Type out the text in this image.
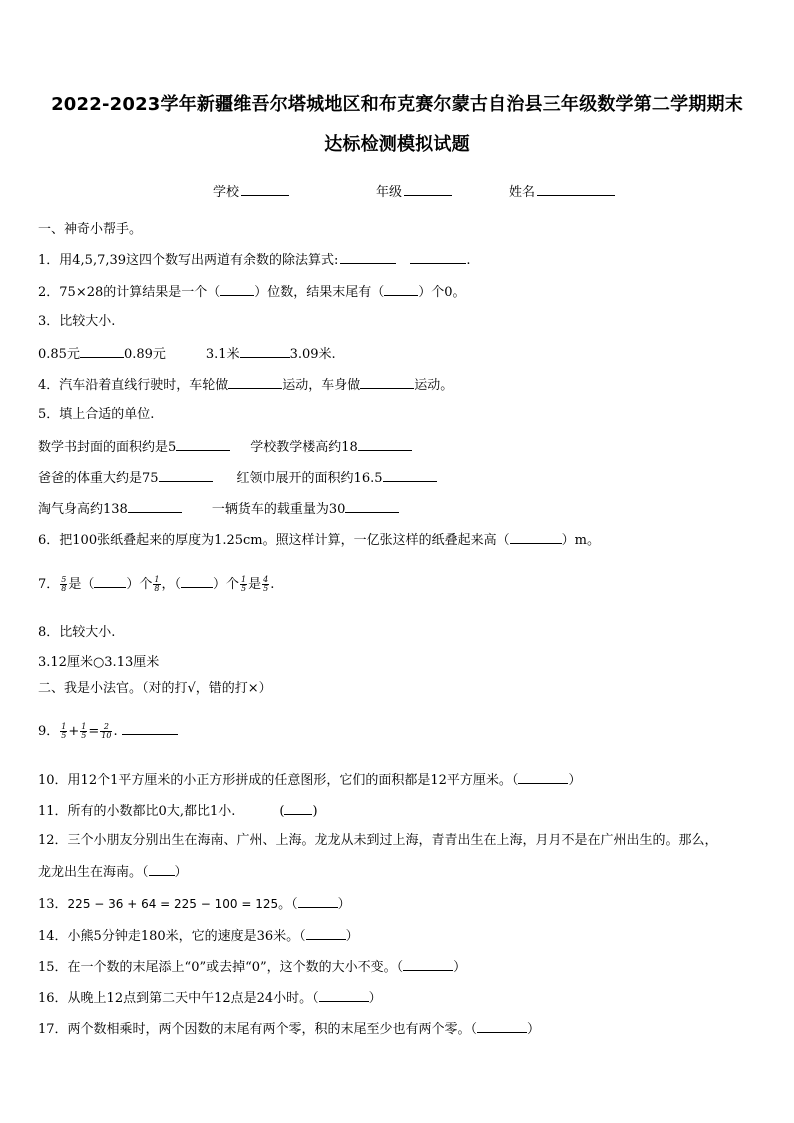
2022-2023学年新疆维吾尔塔城地区和布克赛尔蒙古自治县三年级数学第二学期期末
达标检测模拟试题
学校	年级	姓名
一、神奇小帮手。
1．用4,5,7,39这四个数写出两道有余数的除法算式:	.
2．75×28的计算结果是一个（	）位数，结果末尾有（	）个0。
3．比较大小.
0.85元	0.89元	3.1米	3.09米.
4．汽车沿着直线行驶时，车轮做	运动，车身做	运动。
5．填上合适的单位.
数学书封面的面积约是5	学校教学楼高约18
爸爸的体重大约是75	红领巾展开的面积约16.5
淘气身高约138	一辆货车的载重量为30
6．把100张纸叠起来的厚度为1.25cm。照这样计算，一亿张这样的纸叠起来高（	）m。
7． $\frac{5}{8}$ 是（ ）个 $\frac{1}{8}$ ，（ ）个 $\frac{1}{5}$ 是 $\frac{4}{5}$ .
8．比较大小.
3.12厘米○3.13厘米
二、我是小法官。（对的打√，错的打×）
9． $\frac{1}{5} + \frac{1}{5} = \frac{2}{10}$ .
10．用12个1平方厘米的小正方形拼成的任意图形，它们的面积都是12平方厘米。（	）
11．所有的小数都比0大,都比1小.	( )
12．三个小朋友分别出生在海南、广州、上海。龙龙从未到过上海，青青出生在上海，月月不是在广州出生的。那么，
龙龙出生在海南。（ ）
13．225 − 36 + 64 = 225 − 100 = 125。（	）
14．小熊5分钟走180米，它的速度是36米。（	）
15．在一个数的末尾添上“0”或去掉“0”，这个数的大小不变。（	）
16．从晚上12点到第二天中午12点是24小时。（	）
17．两个数相乘时，两个因数的末尾有两个零，积的末尾至少也有两个零。（	）
